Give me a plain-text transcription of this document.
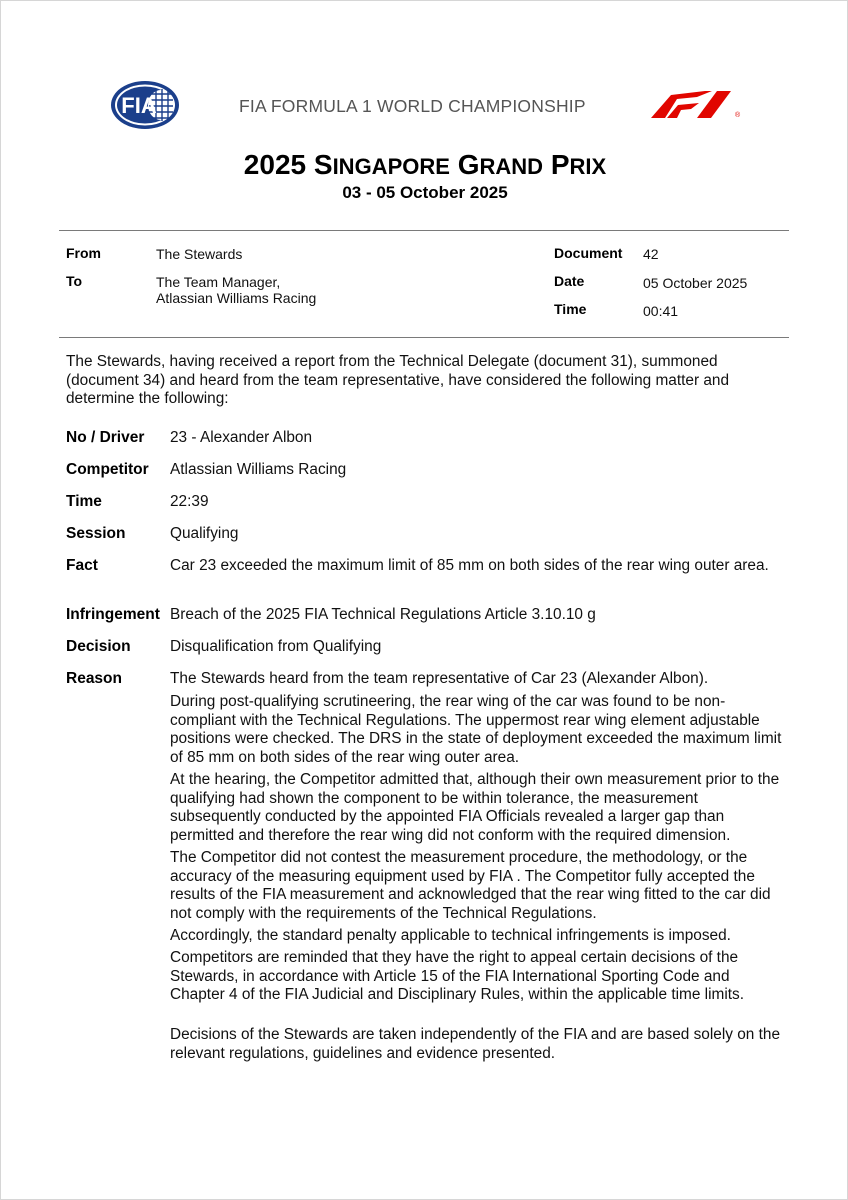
FIA	FIA FORMULA 1 WORLD CHAMPIONSHIP	®
2025 SINGAPORE GRAND PRIX
03 - 05 October 2025
From	The Stewards
To	The Team Manager,
Atlassian Williams Racing
Document 42
Date	05 October 2025
Time	00:41
The Stewards, having received a report from the Technical Delegate (document 31), summoned (document 34) and heard from the team representative, have considered the following matter and determine the following:
No / Driver 23 - Alexander Albon
Competitor Atlassian Williams Racing
Time	22:39
Session	Qualifying
Fact	Car 23 exceeded the maximum limit of 85 mm on both sides of the rear wing outer area.
Infringement Breach of the 2025 FIA Technical Regulations Article 3.10.10 g
Decision	Disqualification from Qualifying
Reason	The Stewards heard from the team representative of Car 23 (Alexander Albon).
During post-qualifying scrutineering, the rear wing of the car was found to be non-compliant with the Technical Regulations. The uppermost rear wing element adjustable positions were checked. The DRS in the state of deployment exceeded the maximum limit of 85 mm on both sides of the rear wing outer area.
At the hearing, the Competitor admitted that, although their own measurement prior to the qualifying had shown the component to be within tolerance, the measurement subsequently conducted by the appointed FIA Officials revealed a larger gap than permitted and therefore the rear wing did not conform with the required dimension.
The Competitor did not contest the measurement procedure, the methodology, or the accuracy of the measuring equipment used by FIA . The Competitor fully accepted the results of the FIA measurement and acknowledged that the rear wing fitted to the car did not comply with the requirements of the Technical Regulations.
Accordingly, the standard penalty applicable to technical infringements is imposed.
Competitors are reminded that they have the right to appeal certain decisions of the Stewards, in accordance with Article 15 of the FIA International Sporting Code and Chapter 4 of the FIA Judicial and Disciplinary Rules, within the applicable time limits.
Decisions of the Stewards are taken independently of the FIA and are based solely on the relevant regulations, guidelines and evidence presented.
